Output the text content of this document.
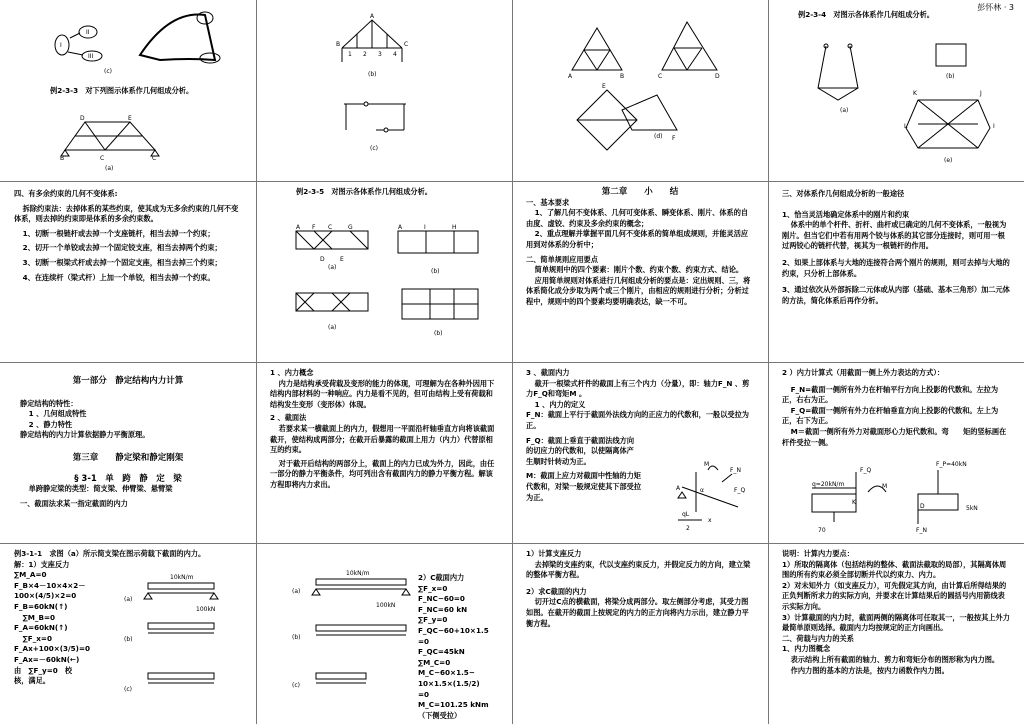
II
I
III
(c)
D	E
B	C	C
(a)

例2-3-3　对下列图示体系作几何组成分析。

A
B	C
1 2 3 4
(b)
(c)
A	B	C	D
E
F
(d)
彭怀林 · 3

例2-3-4　对图示各体系作几何组成分析。

(a)
(b)
K	J
I
L
(e)

四、有多余约束的几何不变体系:

拆除约束法：去掉体系的某些约束，使其成为无多余约束的几何不变体系，则去掉的约束即是体系的多余约束数。

1、切断一根链杆或去掉一个支座链杆，相当去掉一个约束；

2、切开一个单铰或去掉一个固定铰支座，相当去掉两个约束；

3、切断一根梁式杆或去掉一个固定支座，相当去掉三个约束；

4、在连续杆（梁式杆）上加一个单铰，相当去掉一个约束。

例2-3-5　对图示各体系作几何组成分析。

A F C	G	A	I	H
D	E
(a)
(b)
(a)
(b)

第二章　　小　　结

一、基本要求

1、了解几何不变体系、几何可变体系、瞬变体系、刚片、体系的自由度、虚铰、约束及多余约束的概念；

2、重点理解并掌握平面几何不变体系的简单组成规则，并能灵活应用到对体系的分析中；

二、简单规则应用要点

简单规则中的四个要素：刚片个数、约束个数、约束方式、结论。

应用简单规则对体系进行几何组成分析的要点是：定出规则、三，将体系简化成分步取为两个或三个刚片，由相应的规则进行分析；分析过程中，规则中的四个要素均要明确表达，缺一不可。

三、对体系作几何组成分析的一般途径

1、恰当灵活地确定体系中的刚片和约束

体系中的单个杆件、折杆、曲杆或已确定的几何不变体系，一般视为刚片。但当它们中若有用两个铰与体系的其它部分连接时，则可用一根过两铰心的链杆代替，视其为一根链杆的作用。

2、如果上部体系与大地的连接符合两个刚片的规则，则可去掉与大地的约束，只分析上部体系。

3、通过依次从外部拆除二元体或从内部（基础、基本三角形）加二元体的方法，简化体系后再作分析。

第一部分　静定结构内力计算

静定结构的特性：

1 、几何组成特性

2 、静力特性

静定结构的内力计算依据静力平衡原理。

第三章　　静定梁和静定刚架

§ 3-1　单　跨　静　定　梁

单跨静定梁的类型：简支梁、伸臂梁、悬臂梁

一、截面法求某一指定截面的内力

1 、内力概念

内力是结构承受荷载及变形的能力的体现，可理解为在各种外因用下结构内部材料的一种响应。内力是看不见的，但可由结构上受有荷载和结构发生变形（变形体）体现。

2 、截面法

若要求某一横截面上的内力，假想用一平面沿杆轴垂直方向将该截面截开，使结构成两部分；在截开后暴露的截面上用力（内力）代替原相互的约束。

对于截开后结构的两部分上，截面上的内力已成为外力，因此，由任一部分的静力平衡条件，均可列出含有截面内力的静力平衡方程。解该方程即将内力求出。

3 、截面内力

截开一根梁式杆件的截面上有三个内力（分量），即：轴力F_N 、剪力F_Q和弯矩M 。

1 、内力的定义

F_N：截面上平行于截面外法线方向的正应力的代数和，一般以受拉为正。

F_Q：截面上垂直于截面法线方向的切应力的代数和，以使隔离体产生顺时针转动为正。

M：截面上应力对截面中性轴的力矩代数和，对梁一般规定使其下部受拉为正。

M
F_N
F_Q
A	α
x
qL
2

2 ）内力计算式（用截面一侧上外力表达的方式）：

F_N=截面一侧所有外力在杆轴平行方向上投影的代数和。左拉为正，右右为正。

F_Q=截面一侧所有外力在杆轴垂直方向上投影的代数和。左上为正，右下为正。

M＝截面一侧所有外力对截面形心力矩代数和。弯　　矩的竖标画在杆件受拉一侧。

q=20kN/m
F_P=40kN
F_Q
M
K
D
F_N
5kN
70

例3-1-1　求图（a）所示简支梁在图示荷载下截面的内力。

解：1）支座反力

∑M_A=0

F_B×4－10×4×2－100×(4/5)×2=0

F_B=60kN(↑)

∑M_B=0

F_A=60kN(↑)

∑F_x=0

F_Ax+100×(3/5)=0

F_Ax=－60kN(←)

由　∑F_y=0　校

核，满足。

(a)
(b)
(c)
10kN/m
100kN
(a)
(b)
(c)
10kN/m
100kN

2）C截面内力

∑F_x=0

F_NC−60=0

F_NC=60 kN

∑F_y=0

F_QC−60+10×1.5

=0

F_QC=45kN

∑M_C=0

M_C−60×1.5−

10×1.5×(1.5/2)

=0

M_C=101.25 kNm

（下侧受拉）

1）计算支座反力

去掉梁的支座约束，代以支座约束反力，并假定反力的方向，建立梁的整体平衡方程。

2）求C截面的内力

切开过C点的横截面，将梁分成两部分。取左侧部分考虑，其受力图如图。在截开的截面上按规定的内力的正方向将内力示出，建立静力平衡方程。

说明：计算内力要点：

1）所取的隔离体（包括结构的整体、截面法截取的局部），其隔离体周围的所有约束必须全部切断并代以约束力、内力。

2）对未知外力（如支座反力），可先假定其方向，由计算后所得结果的正负判断所求力的实际方向，并要求在计算结果后的圆括号内用箭线表示实际方向。

3）计算截面的内力时，截面两侧的隔离体可任取其一，一般按其上外力最简单原则选择。截面内力均按规定的正方向画出。

二、荷载与内力的关系

1、内力图概念

表示结构上所有截面的轴力、剪力和弯矩分布的图形称为内力图。

作内力图的基本的方法是，按内力函数作内力图。
